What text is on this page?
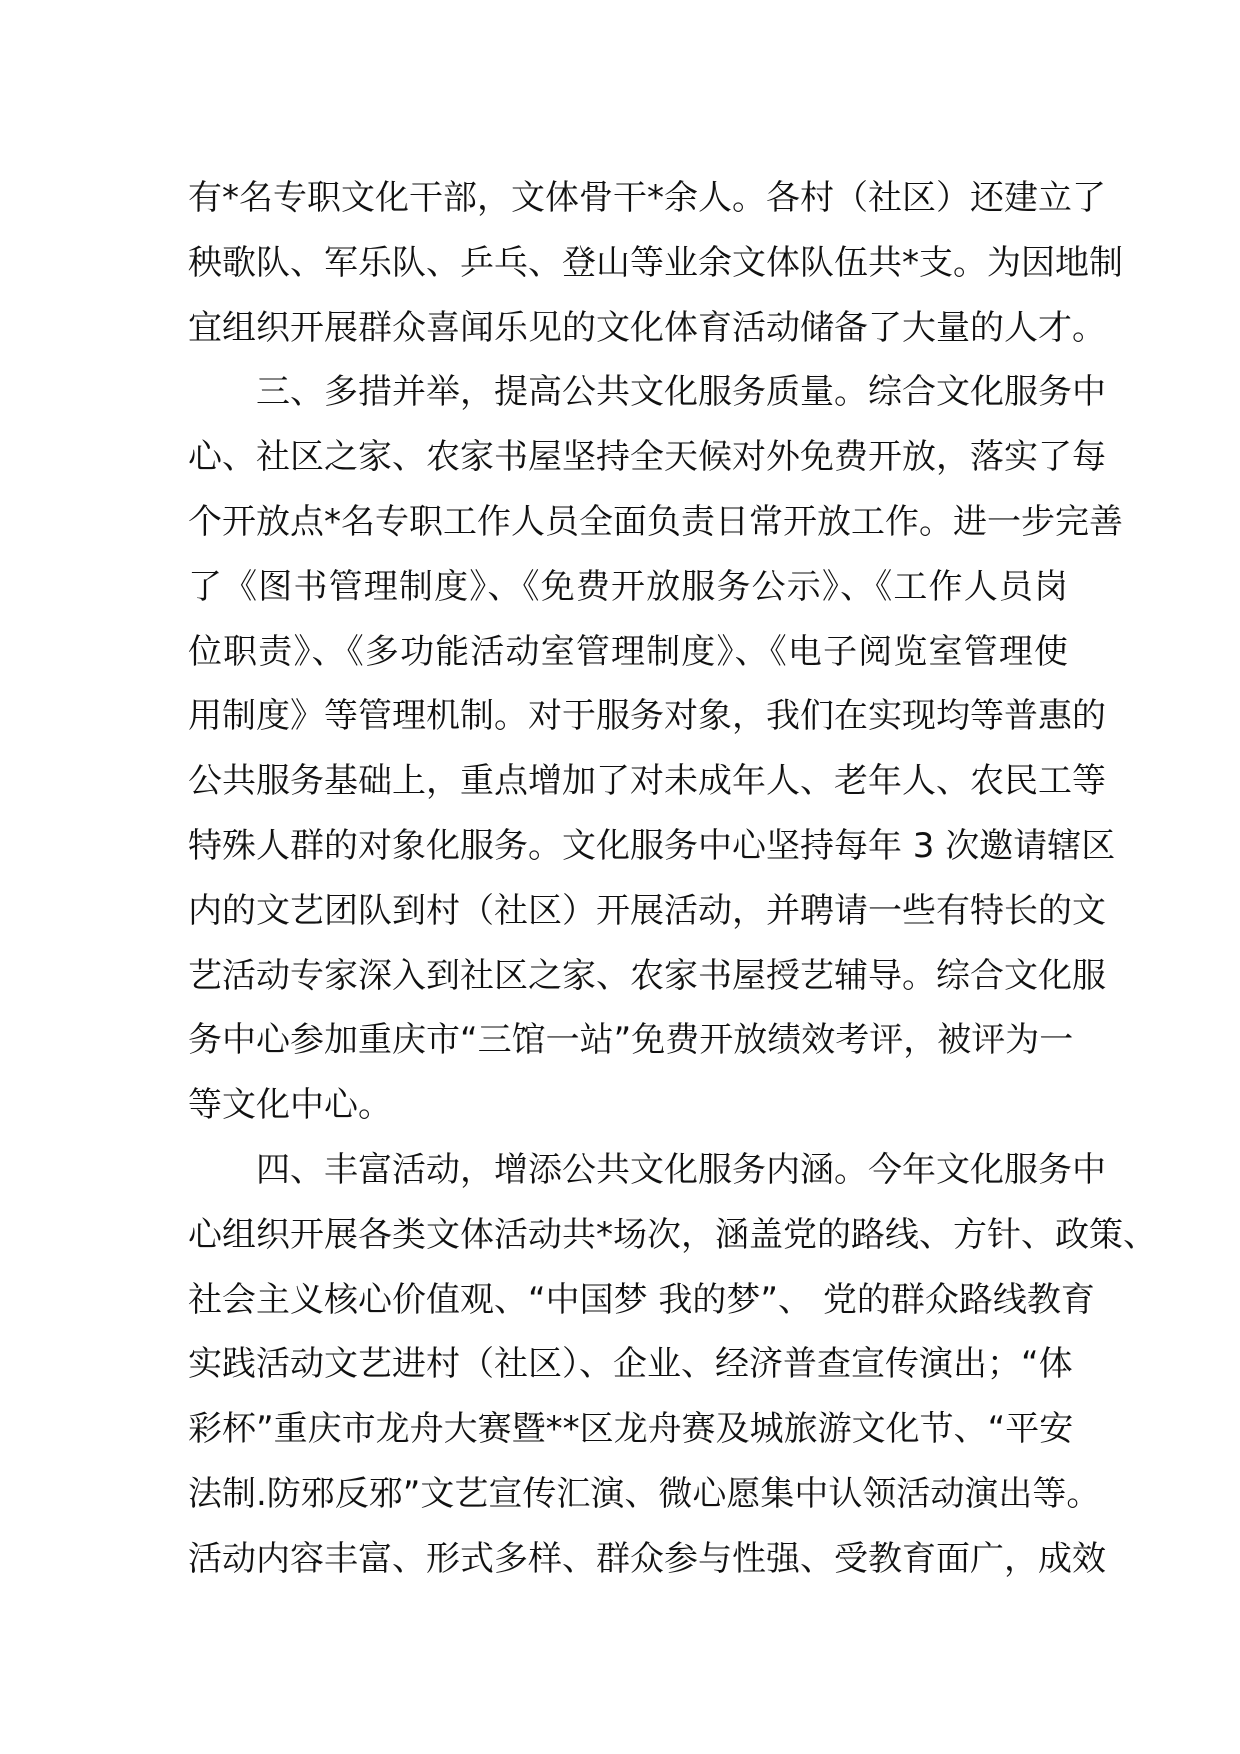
有*名专职文化干部，文体骨干*余人。各村（社区）还建立了
秧歌队、军乐队、乒乓、登山等业余文体队伍共*支。为因地制
宜组织开展群众喜闻乐见的文化体育活动储备了大量的人才。
三、多措并举，提高公共文化服务质量。综合文化服务中
心、社区之家、农家书屋坚持全天候对外免费开放，落实了每
个开放点*名专职工作人员全面负责日常开放工作。进一步完善
了《图书管理制度》、《免费开放服务公示》、《工作人员岗
位职责》、《多功能活动室管理制度》、《电子阅览室管理使
用制度》等管理机制。对于服务对象，我们在实现均等普惠的
公共服务基础上，重点增加了对未成年人、老年人、农民工等
特殊人群的对象化服务。文化服务中心坚持每年 3 次邀请辖区
内的文艺团队到村（社区）开展活动，并聘请一些有特长的文
艺活动专家深入到社区之家、农家书屋授艺辅导。综合文化服
务中心参加重庆市“三馆一站”免费开放绩效考评，被评为一
等文化中心。
四、丰富活动，增添公共文化服务内涵。今年文化服务中
心组织开展各类文体活动共*场次，涵盖党的路线、方针、政策、
社会主义核心价值观、“中国梦 我的梦”、 党的群众路线教育
实践活动文艺进村（社区）、企业、经济普查宣传演出；“体
彩杯”重庆市龙舟大赛暨**区龙舟赛及城旅游文化节、“平安
法制.防邪反邪”文艺宣传汇演、微心愿集中认领活动演出等。
活动内容丰富、形式多样、群众参与性强、受教育面广，成效
